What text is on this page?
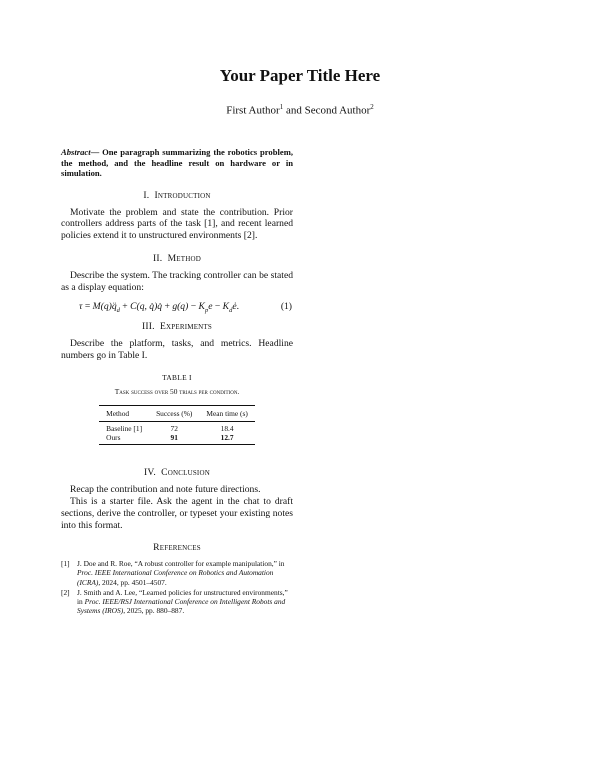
Your Paper Title Here
First Author$^1$ and Second Author$^2$

Abstract— One paragraph summarizing the robotics problem, the method, and the headline result on hardware or in simulation.

I. Introduction

Motivate the problem and state the contribution. Prior controllers address parts of the task [1], and recent learned policies extend it to unstructured environments [2].

II. Method

Describe the system. The tracking controller can be stated as a display equation:

$\tau = M(q)q̈_d + C(q$, q̇)q̇ + $g(q) - K_pe$ − $K_dė$.	(1)
III. Experiments

Describe the platform, tasks, and metrics. Headline numbers go in Table I.

TABLE I
Task success over 50 trials per condition.
Method	Success (%)	Mean time (s)
Baseline [1]	72	18.4
Ours	91	12.7
IV. Conclusion

Recap the contribution and note future directions.

This is a starter file. Ask the agent in the chat to draft sections, derive the controller, or typeset your existing notes into this format.

References
[1] J. Doe and R. Roe, “A robust controller for example manipulation,” in Proc. IEEE International Conference on Robotics and Automation (ICRA), 2024, pp. 4501–4507.
[2] J. Smith and A. Lee, “Learned policies for unstructured environments,” in Proc. IEEE/RSJ International Conference on Intelligent Robots and Systems (IROS), 2025, pp. 880–887.
